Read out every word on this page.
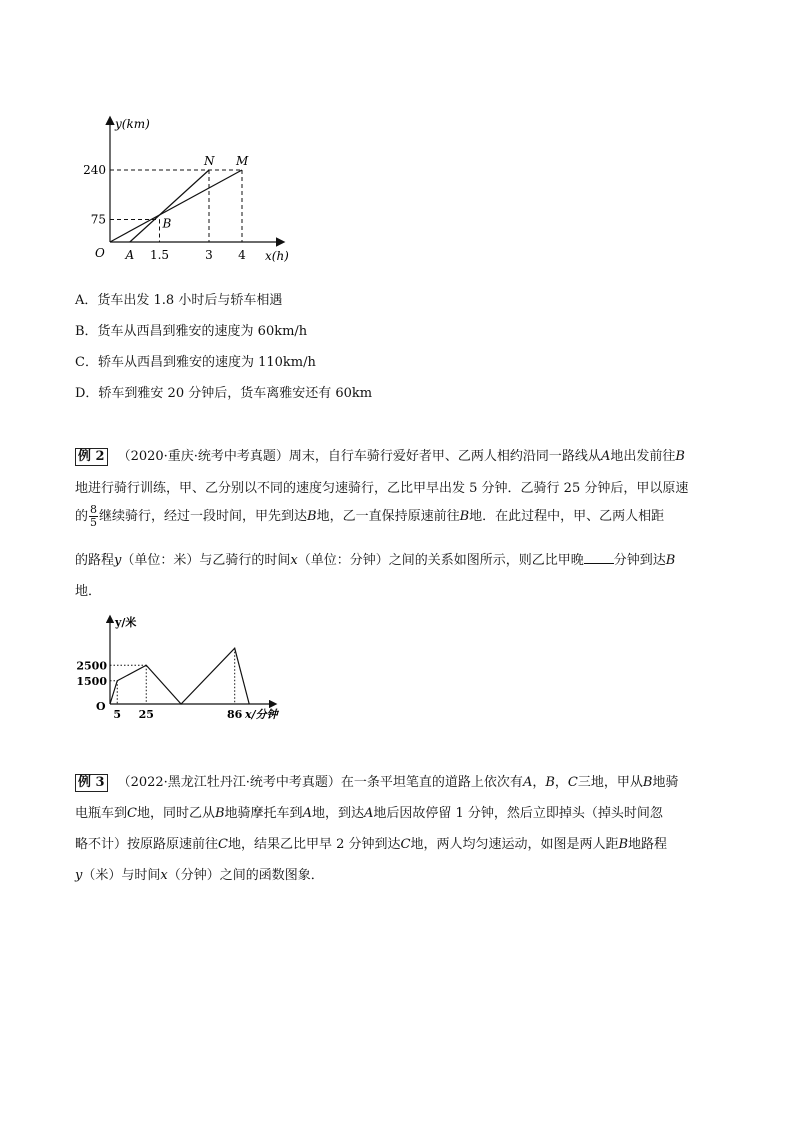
y(km)
x(h)
O A 1.5	3 4
75
240
N M
B
A．货车出发 1.8 小时后与轿车相遇
B．货车从西昌到雅安的速度为 60km/h
C．轿车从西昌到雅安的速度为 110km/h
D．轿车到雅安 20 分钟后，货车离雅安还有 60km
例 2 （2020·重庆·统考中考真题）周末，自行车骑行爱好者甲、乙两人相约沿同一路线从A地出发前往B
地进行骑行训练，甲、乙分别以不同的速度匀速骑行，乙比甲早出发 5 分钟．乙骑行 25 分钟后，甲以原速
的 $\frac{8}{5}$ 继续骑行，经过一段时间，甲先到达B地，乙一直保持原速前往B地．在此过程中，甲、乙两人相距
的路程y（单位：米）与乙骑行的时间x（单位：分钟）之间的关系如图所示，则乙比甲晚 分钟到达B
地．
y/米
x/分钟
O
5 25	86
1500
2500
例 3 （2022·黑龙江牡丹江·统考中考真题）在一条平坦笔直的道路上依次有A，B，C三地，甲从B地骑
电瓶车到C地，同时乙从B地骑摩托车到A地，到达A地后因故停留 1 分钟，然后立即掉头（掉头时间忽
略不计）按原路原速前往C地，结果乙比甲早 2 分钟到达C地，两人均匀速运动，如图是两人距B地路程
y（米）与时间x（分钟）之间的函数图象．
